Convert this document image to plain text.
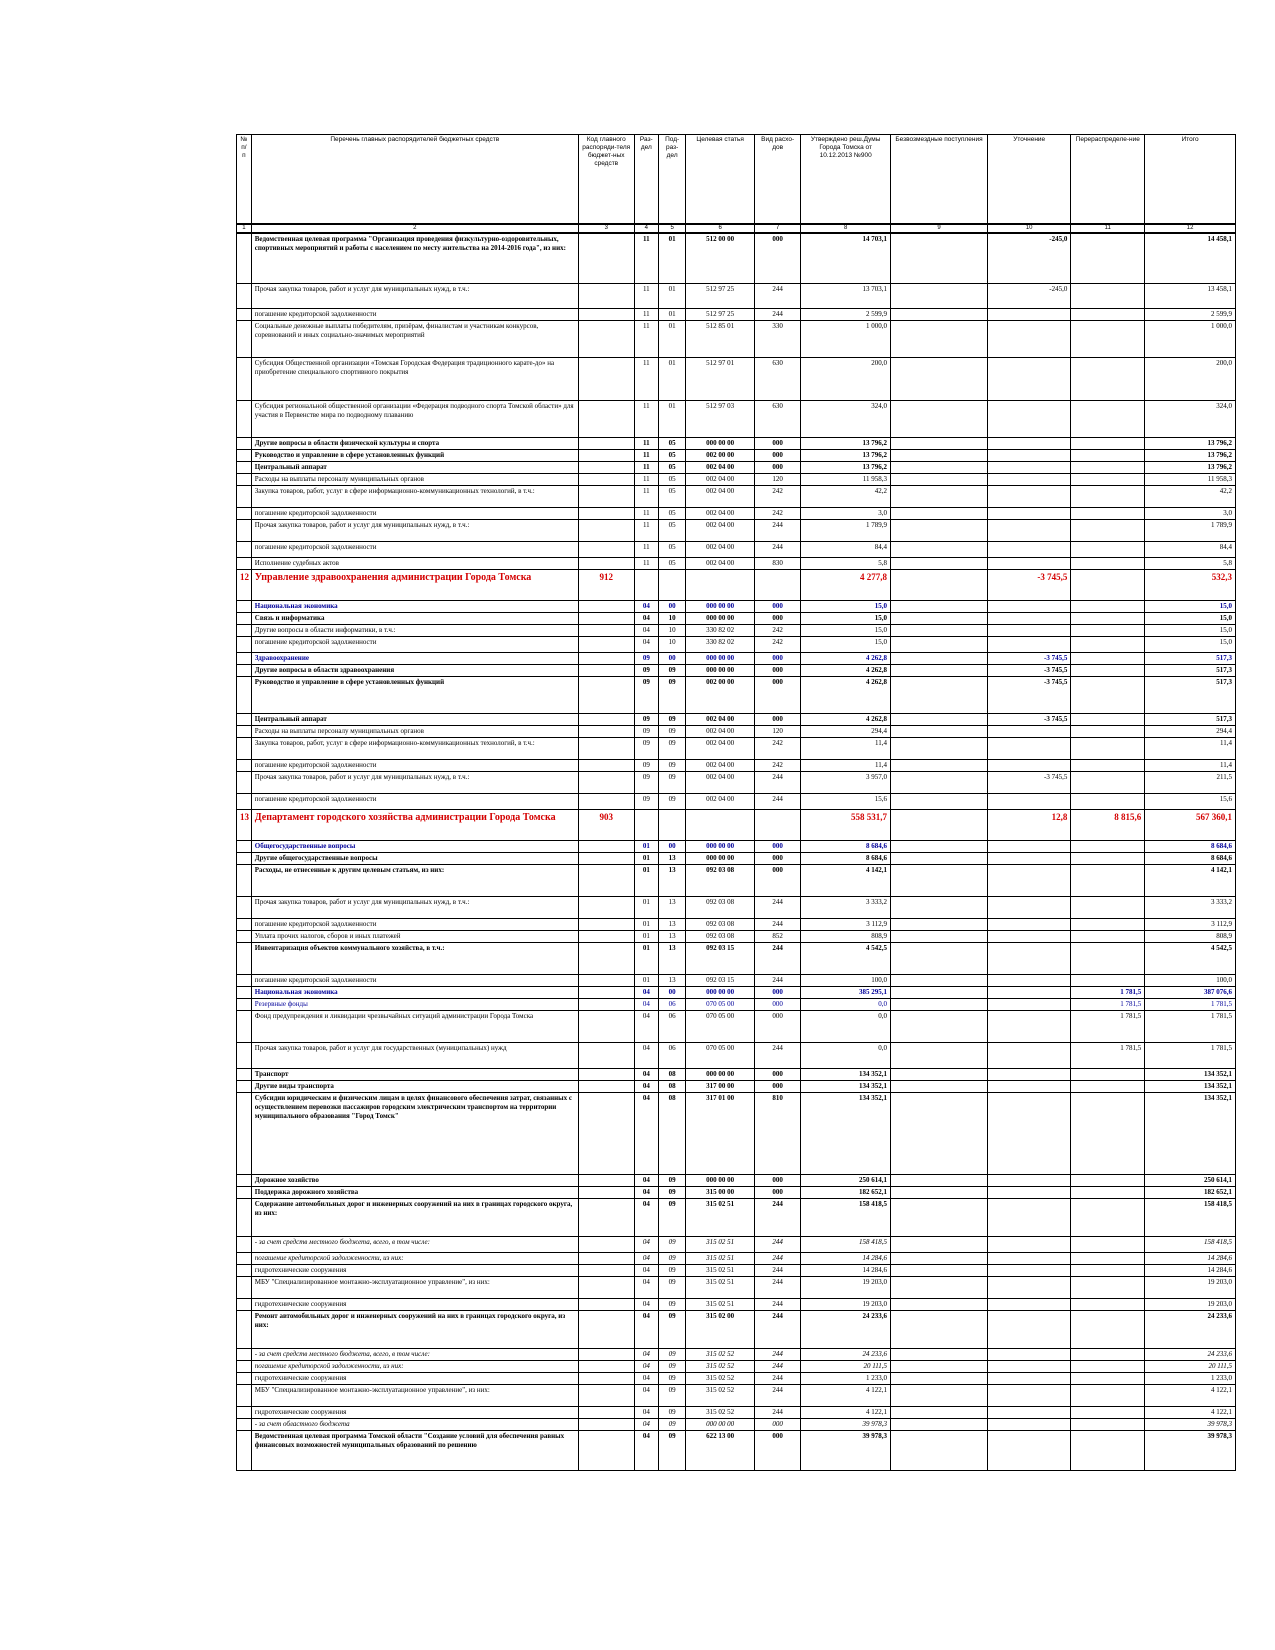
№ п/п	Перечень главных распорядителей бюджетных средств	Код главного распоряди-теля бюджет-ных средств	Раз-дел	Под-раз-дел	Целевая статья	Вид расхо-дов	Утверждено реш.Думы Города Томска от 10.12.2013 №900	Безвозмездные поступления	Уточнение	Перераспределе-ние	Итого
1	2	3	4	5	6	7	8	9	10	11	12
	Ведомственная целевая программа "Организация проведения физкультурно-оздоровительных, спортивных мероприятий и работы с населением по месту жительства на 2014-2016 года", из них:		11	01	512 00 00	000	14 703,1		-245,0		14 458,1
	Прочая закупка товаров, работ и услуг для муниципальных нужд, в т.ч.:		11	01	512 97 25	244	13 703,1		-245,0		13 458,1
	погашение кредиторской задолженности		11	01	512 97 25	244	2 599,9				2 599,9
	Социальные денежные выплаты победителям, призёрам, финалистам и участникам конкурсов, соревнований и иных социально-значимых мероприятий		11	01	512 85 01	330	1 000,0				1 000,0
	Субсидия Общественной организации «Томская Городская Федерация традиционного карате-до» на приобретение специального спортивного покрытия		11	01	512 97 01	630	200,0				200,0
	Субсидия региональной общественной организации «Федерация подводного спорта Томской области» для участия в Первенстве мира по подводному плаванию		11	01	512 97 03	630	324,0				324,0
	Другие вопросы в области физической культуры и спорта		11	05	000 00 00	000	13 796,2				13 796,2
	Руководство и управление в сфере установленных функций		11	05	002 00 00	000	13 796,2				13 796,2
	Центральный аппарат		11	05	002 04 00	000	13 796,2				13 796,2
	Расходы на выплаты персоналу муниципальных органов		11	05	002 04 00	120	11 958,3				11 958,3
	Закупка товаров, работ, услуг в сфере информационно-коммуникационных технологий, в т.ч.:		11	05	002 04 00	242	42,2				42,2
	погашение кредиторской задолженности		11	05	002 04 00	242	3,0				3,0
	Прочая закупка товаров, работ и услуг для муниципальных нужд, в т.ч.:		11	05	002 04 00	244	1 789,9				1 789,9
	погашение кредиторской задолженности		11	05	002 04 00	244	84,4				84,4
	Исполнение судебных актов		11	05	002 04 00	830	5,8				5,8
12	Управление здравоохранения администрации Города Томска	912					4 277,8		-3 745,5		532,3
	Национальная экономика		04	00	000 00 00	000	15,0				15,0
	Связь и информатика		04	10	000 00 00	000	15,0				15,0
	Другие вопросы в области информатики, в т.ч.:		04	10	330 82 02	242	15,0				15,0
	погашение кредиторской задолженности		04	10	330 82 02	242	15,0				15,0
	Здравоохранение		09	00	000 00 00	000	4 262,8		-3 745,5		517,3
	Другие вопросы в области здравоохранения		09	09	000 00 00	000	4 262,8		-3 745,5		517,3
	Руководство и управление в сфере установленных функций		09	09	002 00 00	000	4 262,8		-3 745,5		517,3
	Центральный аппарат		09	09	002 04 00	000	4 262,8		-3 745,5		517,3
	Расходы на выплаты персоналу муниципальных органов		09	09	002 04 00	120	294,4				294,4
	Закупка товаров, работ, услуг в сфере информационно-коммуникационных технологий, в т.ч.:		09	09	002 04 00	242	11,4				11,4
	погашение кредиторской задолженности		09	09	002 04 00	242	11,4				11,4
	Прочая закупка товаров, работ и услуг для муниципальных нужд, в т.ч.:		09	09	002 04 00	244	3 957,0		-3 745,5		211,5
	погашение кредиторской задолженности		09	09	002 04 00	244	15,6				15,6
13	Департамент городского хозяйства администрации Города Томска	903					558 531,7		12,8	8 815,6	567 360,1
	Общегосударственные вопросы		01	00	000 00 00	000	8 684,6				8 684,6
	Другие общегосударственные вопросы		01	13	000 00 00	000	8 684,6				8 684,6
	Расходы, не отнесенные к другим целевым статьям, из них:		01	13	092 03 08	000	4 142,1				4 142,1
	Прочая закупка товаров, работ и услуг для муниципальных нужд, в т.ч.:		01	13	092 03 08	244	3 333,2				3 333,2
	погашение кредиторской задолженности		01	13	092 03 08	244	3 112,9				3 112,9
	Уплата прочих налогов, сборов и иных платежей		01	13	092 03 08	852	808,9				808,9
	Инвентаризация объектов коммунального хозяйства, в т.ч.:		01	13	092 03 15	244	4 542,5				4 542,5
	погашение кредиторской задолженности		01	13	092 03 15	244	100,0				100,0
	Национальная экономика		04	00	000 00 00	000	385 295,1			1 781,5	387 076,6
	Резервные фонды		04	06	070 05 00	000	0,0			1 781,5	1 781,5
	Фонд предупреждения и ликвидации чрезвычайных ситуаций администрации Города Томска		04	06	070 05 00	000	0,0			1 781,5	1 781,5
	Прочая закупка товаров, работ и услуг для государственных (муниципальных) нужд		04	06	070 05 00	244	0,0			1 781,5	1 781,5
	Транспорт		04	08	000 00 00	000	134 352,1				134 352,1
	Другие виды транспорта		04	08	317 00 00	000	134 352,1				134 352,1
	Субсидии юридическим и физическим лицам в целях финансового обеспечения затрат, связанных с осуществлением перевозки пассажиров городским электрическим транспортом на территории муниципального образования "Город Томск"		04	08	317 01 00	810	134 352,1				134 352,1
	Дорожное хозяйство		04	09	000 00 00	000	250 614,1				250 614,1
	Поддержка дорожного хозяйства		04	09	315 00 00	000	182 652,1				182 652,1
	Содержание автомобильных дорог и инженерных сооружений на них в границах городского округа, из них:		04	09	315 02 51	244	158 418,5				158 418,5
	- за счет средств местного бюджета, всего, в том числе:		04	09	315 02 51	244	158 418,5				158 418,5
	погашение кредиторской задолженности, из них:		04	09	315 02 51	244	14 284,6				14 284,6
	гидротехнические сооружения		04	09	315 02 51	244	14 284,6				14 284,6
	МБУ "Специализированное монтажно-эксплуатационное управление", из них:		04	09	315 02 51	244	19 203,0				19 203,0
	гидротехнические сооружения		04	09	315 02 51	244	19 203,0				19 203,0
	Ремонт автомобильных дорог и инженерных сооружений на них в границах городского округа, из них:		04	09	315 02 00	244	24 233,6				24 233,6
	- за счет средств местного бюджета, всего, в том числе:		04	09	315 02 52	244	24 233,6				24 233,6
	погашение кредиторской задолженности, из них:		04	09	315 02 52	244	20 111,5				20 111,5
	гидротехнические сооружения		04	09	315 02 52	244	1 233,0				1 233,0
	МБУ "Специализированное монтажно-эксплуатационное управление", из них:		04	09	315 02 52	244	4 122,1				4 122,1
	гидротехнические сооружения		04	09	315 02 52	244	4 122,1				4 122,1
	- за счет областного бюджета		04	09	000 00 00	000	39 978,3				39 978,3
	Ведомственная целевая программа Томской области "Создание условий для обеспечения равных финансовых возможностей муниципальных образований по решению		04	09	622 13 00	000	39 978,3				39 978,3
